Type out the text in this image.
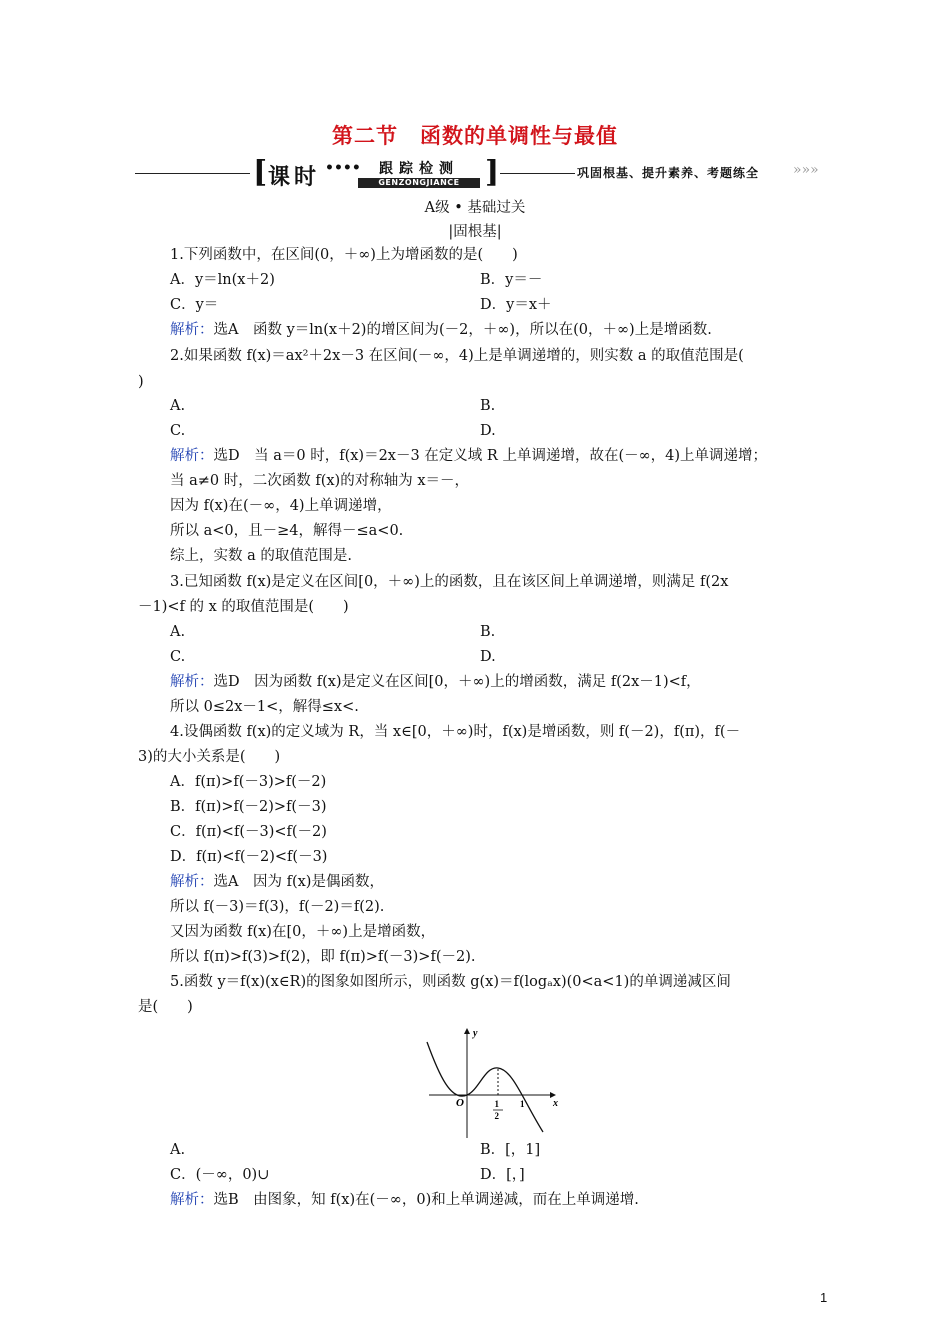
第二节　函数的单调性与最值
[ 课时 ••••	跟踪检测
GENZONGJIANCE ]	巩固根基、提升素养、考题练全 »»»
A级 • 基础过关
|固根基|
1.下列函数中，在区间(0，＋∞)上为增函数的是(　　)
A．y＝ln(x＋2)	B．y＝－
C．y＝	D．y＝x＋
解析：选A　函数 y＝ln(x＋2)的增区间为(－2，＋∞)，所以在(0，＋∞)上是增函数.
2.如果函数 f(x)＝ax²＋2x－3 在区间(－∞，4)上是单调递增的，则实数 a 的取值范围是(
)
A.	B.
C.	D.
解析：选D　当 a＝0 时，f(x)＝2x－3 在定义域 R 上单调递增，故在(－∞，4)上单调递增；
当 a≠0 时，二次函数 f(x)的对称轴为 x＝－，
因为 f(x)在(－∞，4)上单调递增，
所以 a<0，且－≥4，解得－≤a<0.
综上，实数 a 的取值范围是.
3.已知函数 f(x)是定义在区间[0，＋∞)上的函数，且在该区间上单调递增，则满足 f(2x
－1)<f 的 x 的取值范围是(　　)
A.	B.
C.	D.
解析：选D　因为函数 f(x)是定义在区间[0，＋∞)上的增函数，满足 f(2x－1)<f，
所以 0≤2x－1<，解得≤x<.
4.设偶函数 f(x)的定义域为 R，当 x∈[0，＋∞)时，f(x)是增函数，则 f(－2)，f(π)，f(－
3)的大小关系是(　　)
A．f(π)>f(－3)>f(－2)
B．f(π)>f(－2)>f(－3)
C．f(π)<f(－3)<f(－2)
D．f(π)<f(－2)<f(－3)
解析：选A　因为 f(x)是偶函数，
所以 f(－3)＝f(3)，f(－2)＝f(2).
又因为函数 f(x)在[0，＋∞)上是增函数，
所以 f(π)>f(3)>f(2)，即 f(π)>f(－3)>f(－2).
5.函数 y＝f(x)(x∈R)的图象如图所示，则函数 g(x)＝f(logₐx)(0<a<1)的单调递减区间
是(　　)
A.	B．[，1]
C．(－∞，0)∪	D．[，]
解析：选B　由图象，知 f(x)在(－∞，0)和上单调递减，而在上单调递增.
y
x
O	1
2
1
1
